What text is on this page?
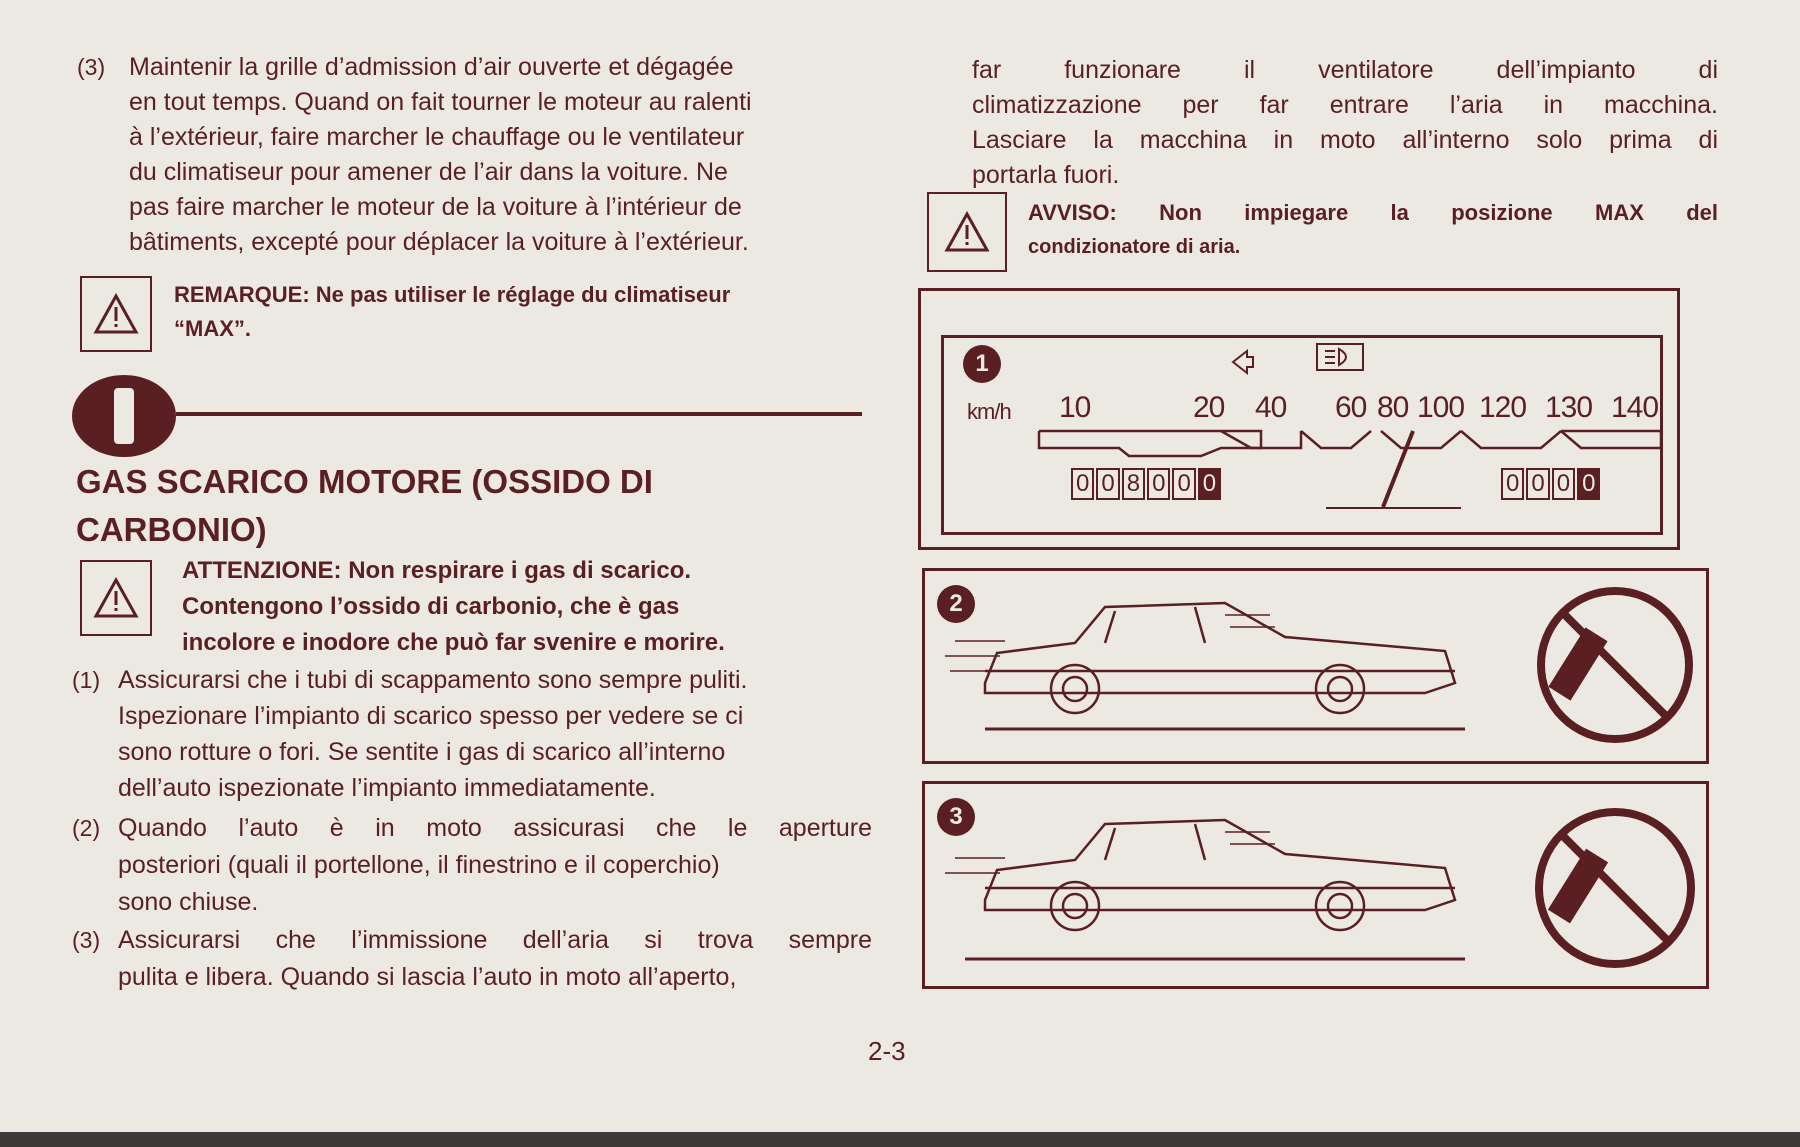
(3) Maintenir la grille d’admission d’air ouverte et dégagée
en tout temps. Quand on fait tourner le moteur au ralenti
à l’extérieur, faire marcher le chauffage ou le ventilateur
du climatiseur pour amener de l’air dans la voiture. Ne
pas faire marcher le moteur de la voiture à l’intérieur de
bâtiments, excepté pour déplacer la voiture à l’extérieur.
REMARQUE: Ne pas utiliser le réglage du climatiseur
“MAX”.
GAS SCARICO MOTORE (OSSIDO DI
CARBONIO)
ATTENZIONE: Non respirare i gas di scarico.
Contengono l’ossido di carbonio, che è gas
incolore e inodore che può far svenire e morire.
(1) Assicurarsi che i tubi di scappamento sono sempre puliti.
Ispezionare l’impianto di scarico spesso per vedere se ci
sono rotture o fori. Se sentite i gas di scarico all’interno
dell’auto ispezionate l’impianto immediatamente.
(2) Quando l’auto è in moto assicurasi che le aperture
posteriori (quali il portellone, il finestrino e il coperchio)
sono chiuse.
(3) Assicurarsi che l’immissione dell’aria si trova sempre
pulita e libera. Quando si lascia l’auto in moto all’aperto,
far funzionare il ventilatore dell’impianto di
climatizzazione per far entrare l’aria in macchina.
Lasciare la macchina in moto all’interno solo prima di
portarla fuori.
AVVISO: Non impiegare la posizione MAX del
condizionatore di aria.
1
km/h 10	20 40 60 80 100 120 130 140
0 0 8 0 0 0	0 0 0 0
2
3
2-3
